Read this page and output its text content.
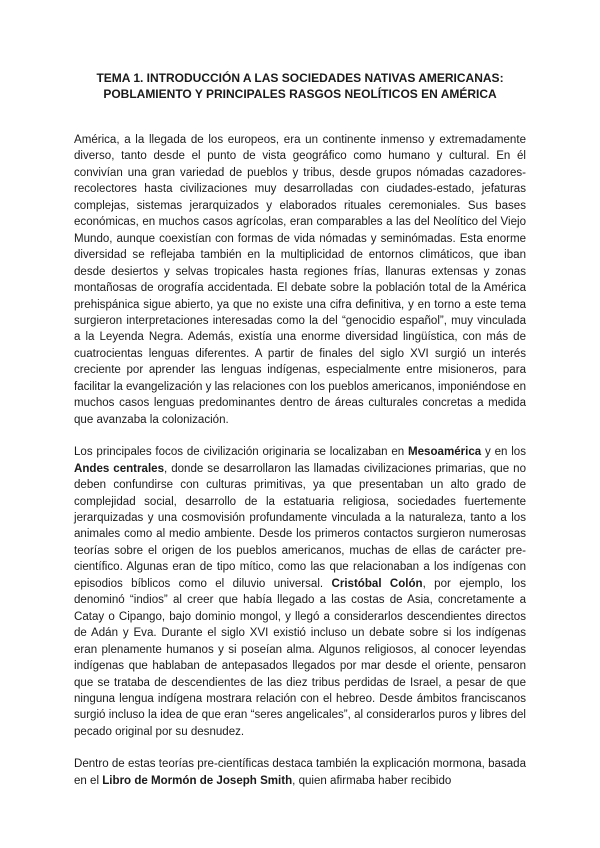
TEMA 1. INTRODUCCIÓN A LAS SOCIEDADES NATIVAS AMERICANAS:
POBLAMIENTO Y PRINCIPALES RASGOS NEOLÍTICOS EN AMÉRICA

América, a la llegada de los europeos, era un continente inmenso y extremadamente diverso, tanto desde el punto de vista geográfico como humano y cultural. En él convivían una gran variedad de pueblos y tribus, desde grupos nómadas cazadores-recolectores hasta civilizaciones muy desarrolladas con ciudades-estado, jefaturas complejas, sistemas jerarquizados y elaborados rituales ceremoniales. Sus bases económicas, en muchos casos agrícolas, eran comparables a las del Neolítico del Viejo Mundo, aunque coexistían con formas de vida nómadas y seminómadas. Esta enorme diversidad se reflejaba también en la multiplicidad de entornos climáticos, que iban desde desiertos y selvas tropicales hasta regiones frías, llanuras extensas y zonas montañosas de orografía accidentada. El debate sobre la población total de la América prehispánica sigue abierto, ya que no existe una cifra definitiva, y en torno a este tema surgieron interpretaciones interesadas como la del “genocidio español”, muy vinculada a la Leyenda Negra. Además, existía una enorme diversidad lingüística, con más de cuatrocientas lenguas diferentes. A partir de finales del siglo XVI surgió un interés creciente por aprender las lenguas indígenas, especialmente entre misioneros, para facilitar la evangelización y las relaciones con los pueblos americanos, imponiéndose en muchos casos lenguas predominantes dentro de áreas culturales concretas a medida que avanzaba la colonización.

Los principales focos de civilización originaria se localizaban en Mesoamérica y en los Andes centrales, donde se desarrollaron las llamadas civilizaciones primarias, que no deben confundirse con culturas primitivas, ya que presentaban un alto grado de complejidad social, desarrollo de la estatuaria religiosa, sociedades fuertemente jerarquizadas y una cosmovisión profundamente vinculada a la naturaleza, tanto a los animales como al medio ambiente. Desde los primeros contactos surgieron numerosas teorías sobre el origen de los pueblos americanos, muchas de ellas de carácter pre-científico. Algunas eran de tipo mítico, como las que relacionaban a los indígenas con episodios bíblicos como el diluvio universal. Cristóbal Colón, por ejemplo, los denominó “indios” al creer que había llegado a las costas de Asia, concretamente a Catay o Cipango, bajo dominio mongol, y llegó a considerarlos descendientes directos de Adán y Eva. Durante el siglo XVI existió incluso un debate sobre si los indígenas eran plenamente humanos y si poseían alma. Algunos religiosos, al conocer leyendas indígenas que hablaban de antepasados llegados por mar desde el oriente, pensaron que se trataba de descendientes de las diez tribus perdidas de Israel, a pesar de que ninguna lengua indígena mostrara relación con el hebreo. Desde ámbitos franciscanos surgió incluso la idea de que eran “seres angelicales”, al considerarlos puros y libres del pecado original por su desnudez.

Dentro de estas teorías pre-científicas destaca también la explicación mormona, basada en el Libro de Mormón de Joseph Smith, quien afirmaba haber recibido
